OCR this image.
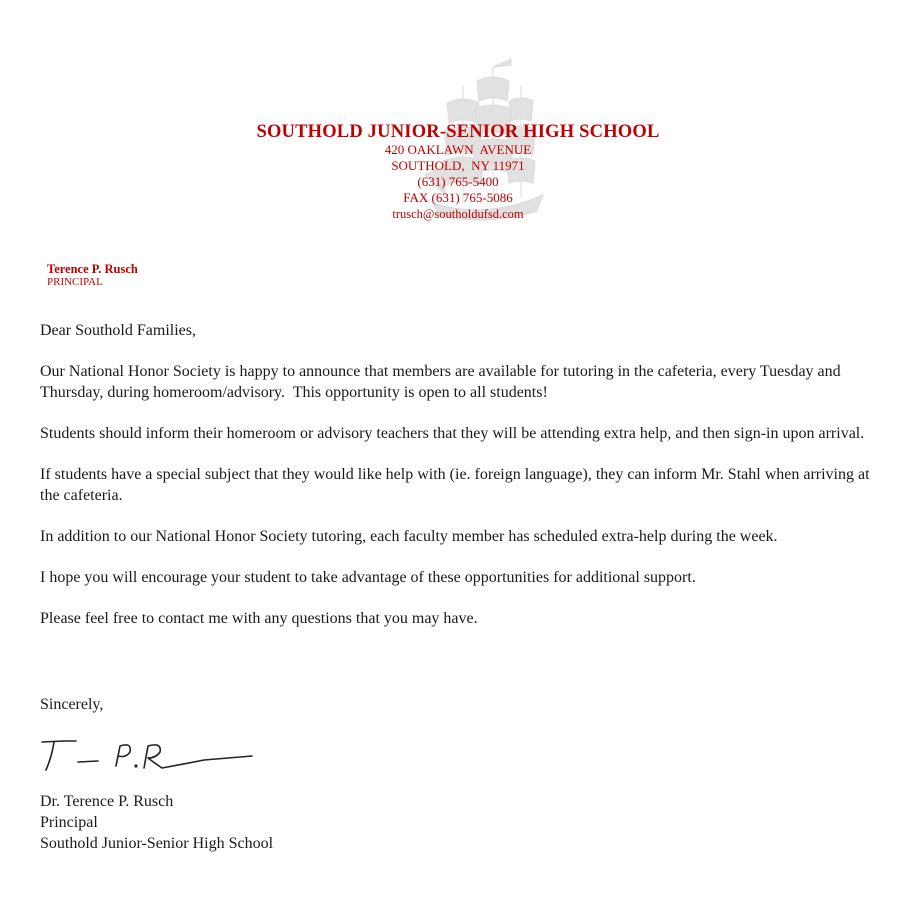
SOUTHOLD JUNIOR-SENIOR HIGH SCHOOL
420 OAKLAWN  AVENUE
SOUTHOLD,  NY 11971
(631) 765-5400
FAX (631) 765-5086
trusch@southoldufsd.com
Terence P. Rusch
PRINCIPAL

Dear Southold Families,

Our National Honor Society is happy to announce that members are available for tutoring in the cafeteria, every Tuesday and Thursday, during homeroom/advisory.  This opportunity is open to all students!

Students should inform their homeroom or advisory teachers that they will be attending extra help, and then sign-in upon arrival.

If students have a special subject that they would like help with (ie. foreign language), they can inform Mr. Stahl when arriving at the cafeteria.

In addition to our National Honor Society tutoring, each faculty member has scheduled extra-help during the week.

I hope you will encourage your student to take advantage of these opportunities for additional support.

Please feel free to contact me with any questions that you may have.

Sincerely,
Dr. Terence P. Rusch
Principal
Southold Junior-Senior High School
